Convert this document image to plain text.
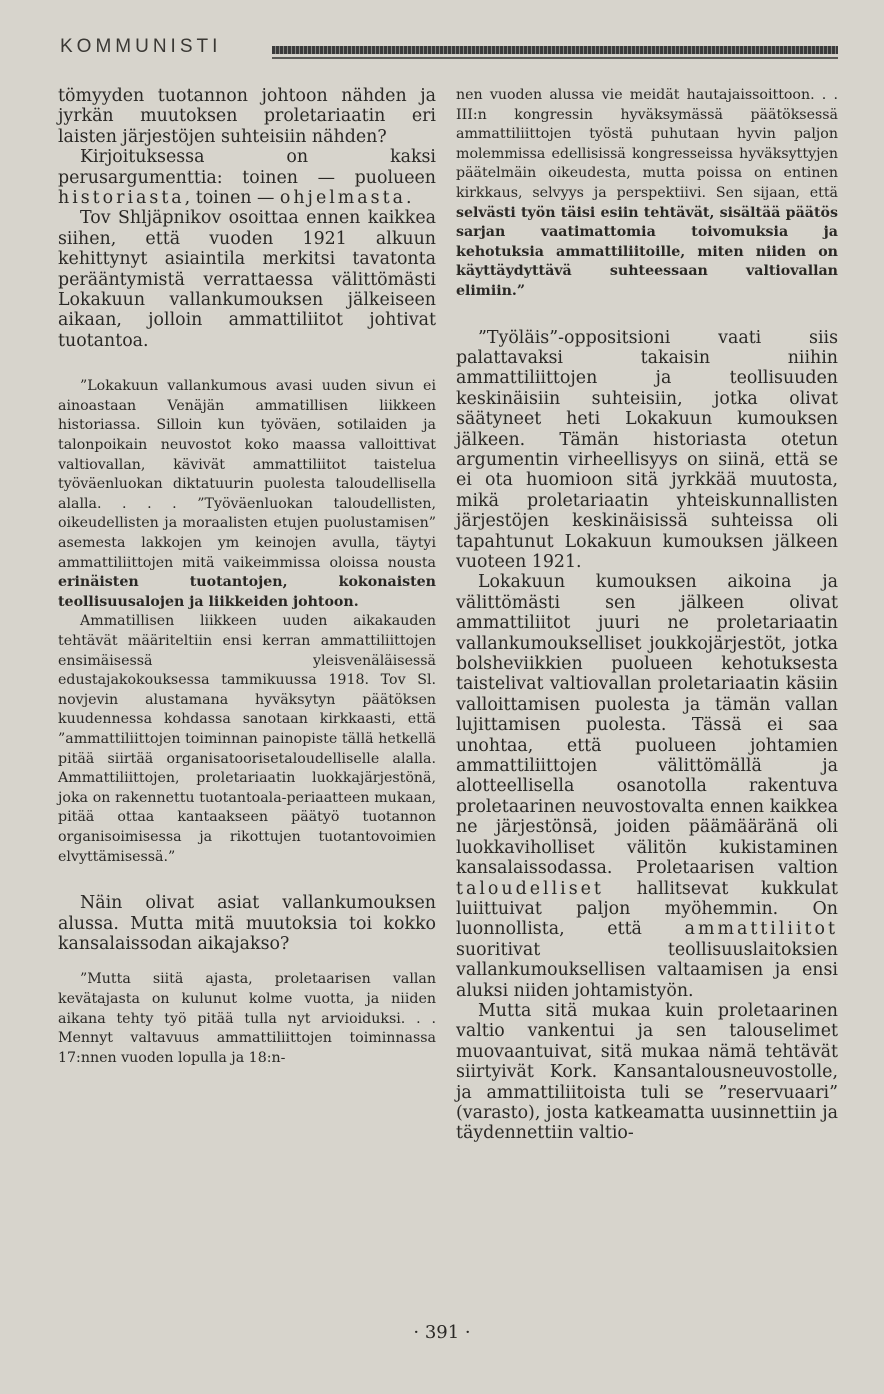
KOMMUNISTI

tömyyden tuotannon johtoon nähden ja jyrkän muutoksen proletariaatin eri laisten järjestöjen suhteisiin nähden?

Kirjoituksessa on kaksi perusargumenttia: toinen — puolueen historiasta, toinen — ohjelmasta.

Tov Shljäpnikov osoittaa ennen kaikkea siihen, että vuoden 1921 alkuun kehittynyt asiaintila merkitsi tavatonta perääntymistä verrattaessa välittömästi Lokakuun vallankumouksen jälkeiseen aikaan, jolloin ammattiliitot johtivat tuotantoa.

”Lokakuun vallankumous avasi uuden sivun ei ainoastaan Venäjän ammatillisen liikkeen historiassa. Silloin kun työväen, sotilaiden ja talonpoikain neuvostot koko maassa valloittivat valtiovallan, kävivät ammattiliitot taistelua työväenluokan diktatuurin puolesta taloudellisella alalla. . . . ”Työväenluokan taloudellisten, oikeudellisten ja moraalisten etujen puolustamisen” asemesta lakkojen ym keinojen avulla, täytyi ammattiliittojen mitä vaikeimmissa oloissa nousta erinäisten tuotantojen, kokonaisten teollisuusalojen ja liikkeiden johtoon.

Ammatillisen liikkeen uuden aikakauden tehtävät määriteltiin ensi kerran ammattiliittojen ensimäisessä yleisvenäläisessä edustajakokouksessa tammikuussa 1918. Tov Sl. novjevin alustamana hyväksytyn päätöksen kuudennessa kohdassa sanotaan kirkkaasti, että ”ammattiliittojen toiminnan painopiste tällä hetkellä pitää siirtää organisatoorisetaloudelliselle alalla. Ammattiliittojen, proletariaatin luokkajärjestönä, joka on rakennettu tuotantoala-periaatteen mukaan, pitää ottaa kantaakseen päätyö tuotannon organisoimisessa ja rikottujen tuotantovoimien elvyttämisessä.”

Näin olivat asiat vallankumouksen alussa. Mutta mitä muutoksia toi kokko kansalaissodan aikajakso?

”Mutta siitä ajasta, proletaarisen vallan kevätajasta on kulunut kolme vuotta, ja niiden aikana tehty työ pitää tulla nyt arvioiduksi. . . Mennyt valtavuus ammattiliittojen toiminnassa 17:nnen vuoden lopulla ja 18:n-

nen vuoden alussa vie meidät hautajaissoittoon. . . III:n kongressin hyväksymässä päätöksessä ammattiliittojen työstä puhutaan hyvin paljon molemmissa edellisissä kongresseissa hyväksyttyjen päätelmäin oikeudesta, mutta poissa on entinen kirkkaus, selvyys ja perspektiivi. Sen sijaan, että selvästi työn täisi esiin tehtävät, sisältää päätös sarjan vaatimattomia toivomuksia ja kehotuksia ammattiliitoille, miten niiden on käyttäydyttävä suhteessaan valtiovallan elimiin.”

”Työläis”-oppositsioni vaati siis palattavaksi takaisin niihin ammattiliittojen ja teollisuuden keskinäisiin suhteisiin, jotka olivat säätyneet heti Lokakuun kumouksen jälkeen. Tämän historiasta otetun argumentin virheellisyys on siinä, että se ei ota huomioon sitä jyrkkää muutosta, mikä proletariaatin yhteiskunnallisten järjestöjen keskinäisissä suhteissa oli tapahtunut Lokakuun kumouksen jälkeen vuoteen 1921.

Lokakuun kumouksen aikoina ja välittömästi sen jälkeen olivat ammattiliitot juuri ne proletariaatin vallankumoukselliset joukkojärjestöt, jotka bolsheviikkien puolueen kehotuksesta taistelivat valtiovallan proletariaatin käsiin valloittamisen puolesta ja tämän vallan lujittamisen puolesta. Tässä ei saa unohtaa, että puolueen johtamien ammattiliittojen välittömällä ja alotteellisella osanotolla rakentuva proletaarinen neuvostovalta ennen kaikkea ne järjestönsä, joiden päämääränä oli luokkaviholliset välitön kukistaminen kansalaissodassa. Proletaarisen valtion taloudelliset hallitsevat kukkulat luiittuivat paljon myöhemmin. On luonnollista, että ammattiliitot suoritivat teollisuuslaitoksien vallankumouksellisen valtaamisen ja ensi aluksi niiden johtamistyön.

Mutta sitä mukaa kuin proletaarinen valtio vankentui ja sen talouselimet muovaantuivat, sitä mukaa nämä tehtävät siirtyivät Kork. Kansantalousneuvostolle, ja ammattiliitoista tuli se ”reservuaari” (varasto), josta katkeamatta uusinnettiin ja täydennettiin valtio-

· 391 ·
